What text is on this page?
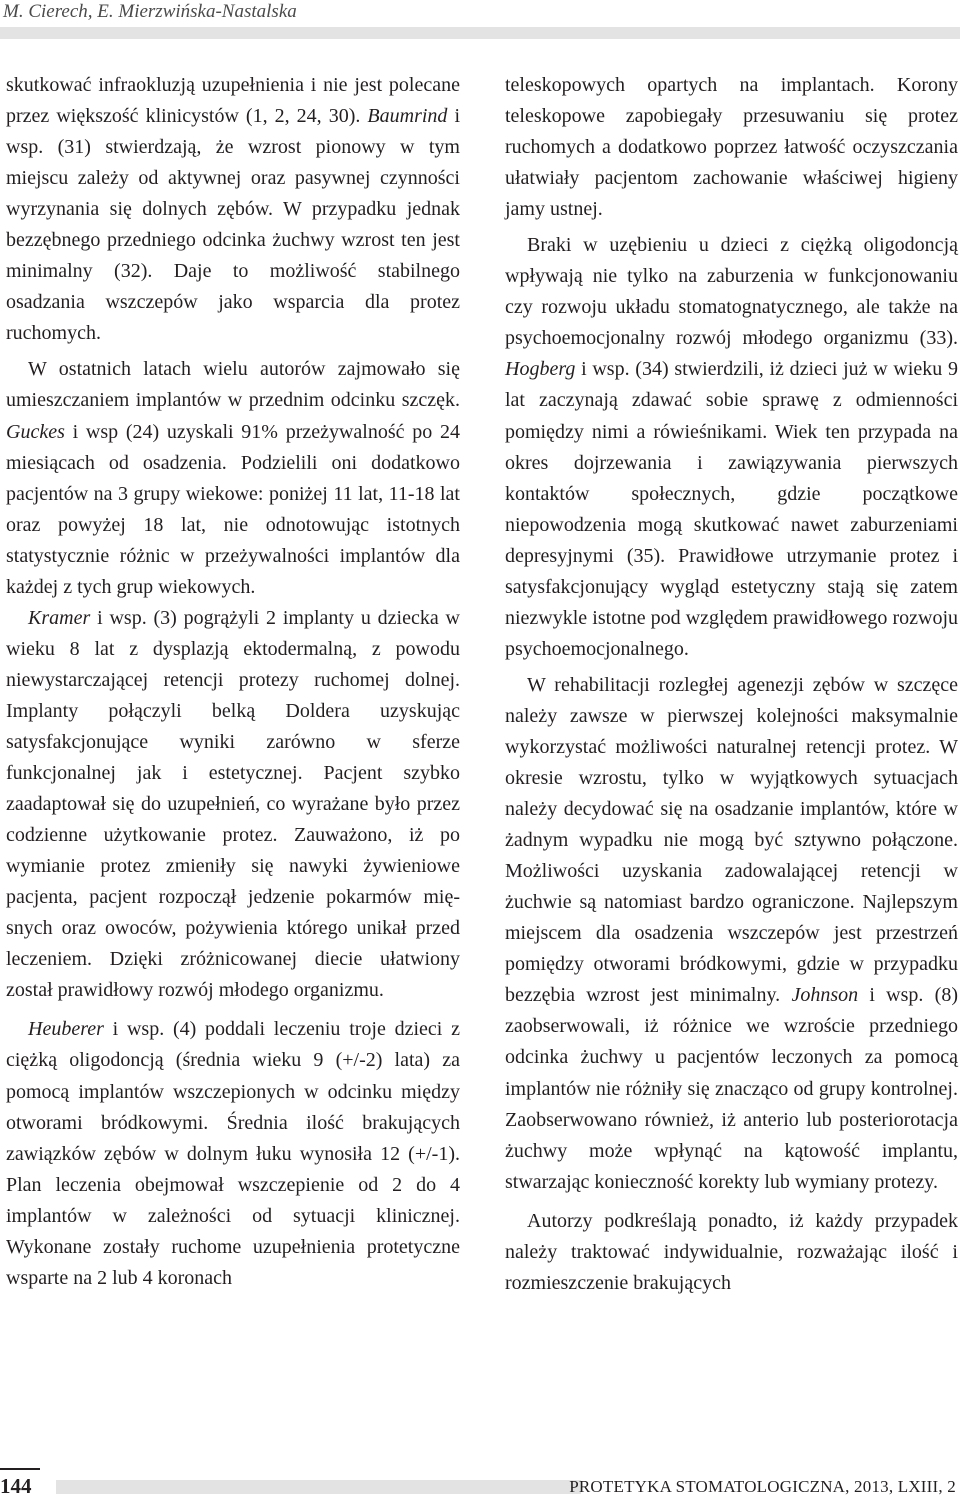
M. Cierech, E. Mierzwińska-Nastalska

skutkować infraokluzją uzupełnienia i nie jest polecane przez większość klinicystów (1, 2, 24, 30). Baumrind i wsp. (31) stwierdzają, że wzrost pionowy w tym miejscu zależy od aktywnej oraz pasywnej czynności wyrzynania się dolnych zębów. W przypadku jednak bezzębnego przedniego odcinka żuchwy wzrost ten jest minimalny (32). Daje to możliwość stabilnego osadzania wszczepów jako wsparcia dla protez ruchomych.

W ostatnich latach wielu autorów zajmowało się umieszczaniem implantów w przednim odcinku szczęk. Guckes i wsp (24) uzyskali 91% przeżywalność po 24 miesiącach od osadzenia. Podzielili oni dodatkowo pacjentów na 3 grupy wiekowe: poniżej 11 lat, 11-18 lat oraz powyżej 18 lat, nie odnotowując istotnych statystycznie różnic w przeżywalności implantów dla każdej z tych grup wiekowych.

Kramer i wsp. (3) pogrążyli 2 implanty u dziecka w wieku 8 lat z dysplazją ektodermalną, z powodu niewystarczającej retencji protezy ruchomej dolnej. Implanty połączyli belką Doldera uzyskując satysfakcjonujące wyniki zarówno w sferze funkcjonalnej jak i estetycznej. Pacjent szybko zaadaptował się do uzupełnień, co wyrażane było przez codzienne użytkowanie protez. Zauważono, iż po wymianie protez zmieniły się nawyki żywieniowe pacjenta, pacjent rozpoczął jedzenie pokarmów mięsnych oraz owoców, pożywienia którego unikał przed leczeniem. Dzięki zróżnicowanej diecie ułatwiony został prawidłowy rozwój młodego organizmu.

Heuberer i wsp. (4) poddali leczeniu troje dzieci z ciężką oligodoncją (średnia wieku 9 (+/-2) lata) za pomocą implantów wszczepionych w odcinku między otworami bródkowymi. Średnia ilość brakujących zawiązków zębów w dolnym łuku wynosiła 12 (+/-1). Plan leczenia obejmował wszczepienie od 2 do 4 implantów w zależności od sytuacji klinicznej. Wykonane zostały ruchome uzupełnienia protetyczne wsparte na 2 lub 4 koronach

teleskopowych opartych na implantach. Korony teleskopowe zapobiegały przesuwaniu się protez ruchomych a dodatkowo poprzez łatwość oczyszczania ułatwiały pacjentom zachowanie właściwej higieny jamy ustnej.

Braki w uzębieniu u dzieci z ciężką oligodoncją wpływają nie tylko na zaburzenia w funkcjonowaniu czy rozwoju układu stomatognatycznego, ale także na psychoemocjonalny rozwój młodego organizmu (33). Hogberg i wsp. (34) stwierdzili, iż dzieci już w wieku 9 lat zaczynają zdawać sobie sprawę z odmienności pomiędzy nimi a rówieśnikami. Wiek ten przypada na okres dojrzewania i zawiązywania pierwszych kontaktów społecznych, gdzie początkowe niepowodzenia mogą skutkować nawet zaburzeniami depresyjnymi (35). Prawidłowe utrzymanie protez i satysfakcjonujący wygląd estetyczny stają się zatem niezwykle istotne pod względem prawidłowego rozwoju psychoemocjonalnego.

W rehabilitacji rozległej agenezji zębów w szczęce należy zawsze w pierwszej kolejności maksymalnie wykorzystać możliwości naturalnej retencji protez. W okresie wzrostu, tylko w wyjątkowych sytuacjach należy decydować się na osadzanie implantów, które w żadnym wypadku nie mogą być sztywno połączone. Możliwości uzyskania zadowalającej retencji w żuchwie są natomiast bardzo ograniczone. Najlepszym miejscem dla osadzenia wszczepów jest przestrzeń pomiędzy otworami bródkowymi, gdzie w przypadku bezzębia wzrost jest minimalny. Johnson i wsp. (8) zaobserwowali, iż różnice we wzroście przedniego odcinka żuchwy u pacjentów leczonych za pomocą implantów nie różniły się znacząco od grupy kontrolnej. Zaobserwowano również, iż anterio lub posteriorotacja żuchwy może wpłynąć na kątowość implantu, stwarzając konieczność korekty lub wymiany protezy.

Autorzy podkreślają ponadto, iż każdy przypadek należy traktować indywidualnie, rozważając ilość i rozmieszczenie brakujących

144	PROTETYKA STOMATOLOGICZNA, 2013, LXIII, 2
